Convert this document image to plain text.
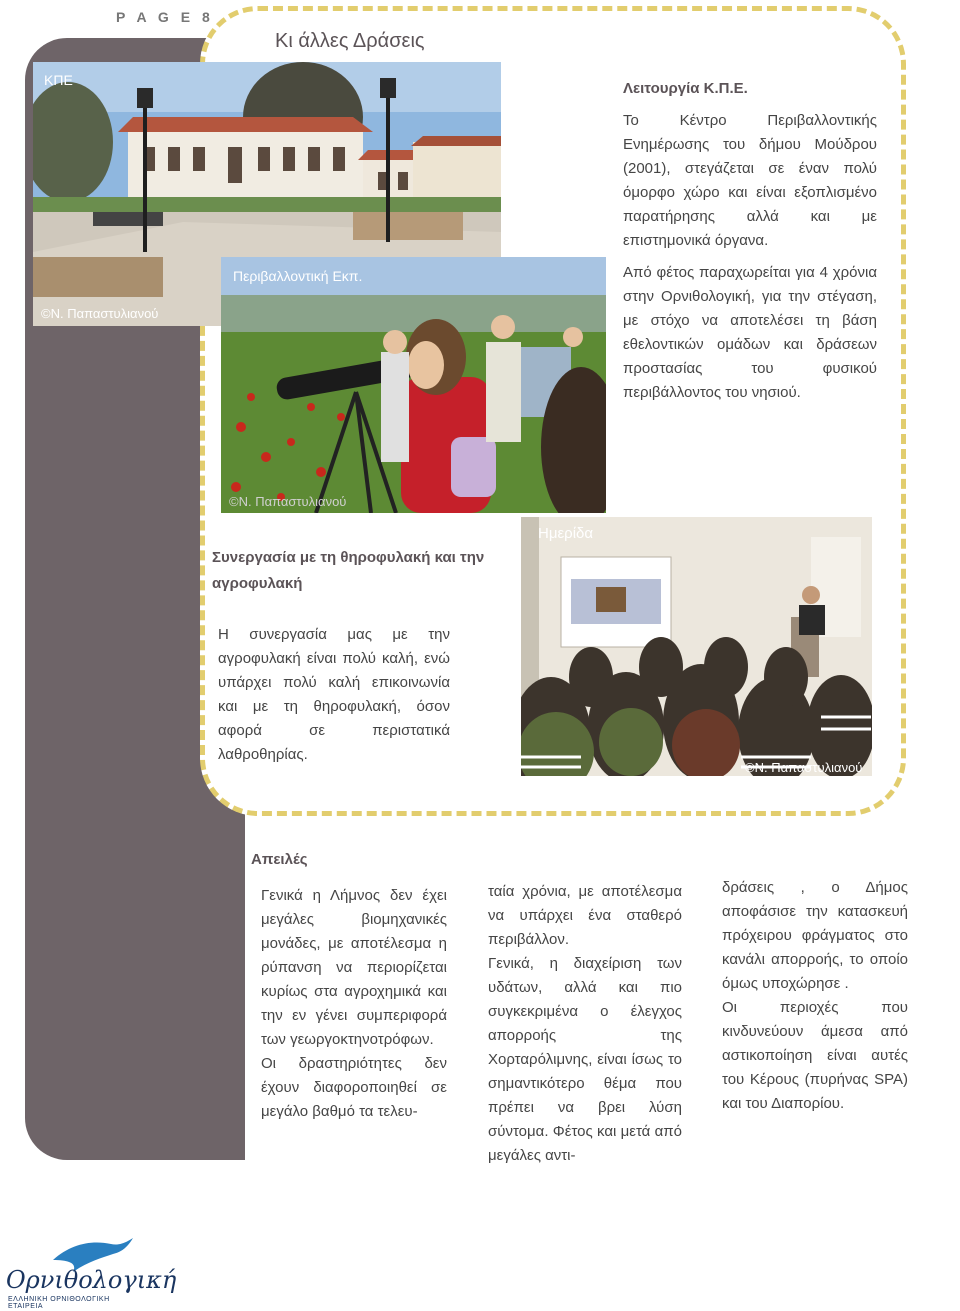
P A G E 8
Κι άλλες Δράσεις
ΚΠΕ
©Ν. Παπαστυλιανού
Περιβαλλοντική Εκπ.
©Ν. Παπαστυλιανού
Λειτουργία Κ.Π.Ε.

Το Κέντρο Περιβαλλοντικής Ενημέρωσης του δήμου Μούδρου (2001), στεγάζεται σε έναν πολύ όμορφο χώρο και είναι εξοπλισμένο παρατήρησης αλλά και με επιστημονικά όργανα.

Από φέτος παραχωρείται για 4 χρόνια στην Ορνιθολογική, για την στέγαση, με στόχο να αποτελέσει τη βάση εθελοντικών ομάδων και δράσεων προστασίας του φυσικού περιβάλλοντος του νησιού.

Συνεργασία με τη θηροφυλακή και την αγροφυλακή
Η συνεργασία μας με την αγροφυλακή είναι πολύ καλή, ενώ υπάρχει πολύ καλή επικοινωνία και με τη θηροφυλακή, όσον αφορά σε περιστατικά λαθροθηρίας.
Ημερίδα
©Ν. Παπαστυλιανού
Απειλές

Γενικά η Λήμνος δεν έχει μεγάλες βιομηχανικές μονάδες, με αποτέλεσμα η ρύπανση να περιορίζεται κυρίως στα αγροχημικά και την εν γένει συμπεριφορά των γεωργοκτηνοτρόφων.

Οι δραστηριότητες δεν έχουν διαφοροποιηθεί σε μεγάλο βαθμό τα τελευ-

ταία χρόνια, με αποτέλεσμα να υπάρχει ένα σταθερό περιβάλλον.

Γενικά, η διαχείριση των υδάτων, αλλά και πιο συγκεκριμένα ο έλεγχος απορροής της Χορταρόλιμνης, είναι ίσως το σημαντικότερο θέμα που πρέπει να βρει λύση σύντομα. Φέτος και μετά από μεγάλες αντι-

δράσεις , ο Δήμος αποφάσισε την κατασκευή πρόχειρου φράγματος στο κανάλι απορροής, το οποίο όμως υποχώρησε .

Οι περιοχές που κινδυνεύουν άμεσα από αστικοποίηση είναι αυτές του Κέρους (πυρήνας SPA) και του Διαπορίου.

Ορνιθολογική
ΕΛΛΗΝΙΚΗ ΟΡΝΙΘΟΛΟΓΙΚΗ ΕΤΑΙΡΕΙΑ
